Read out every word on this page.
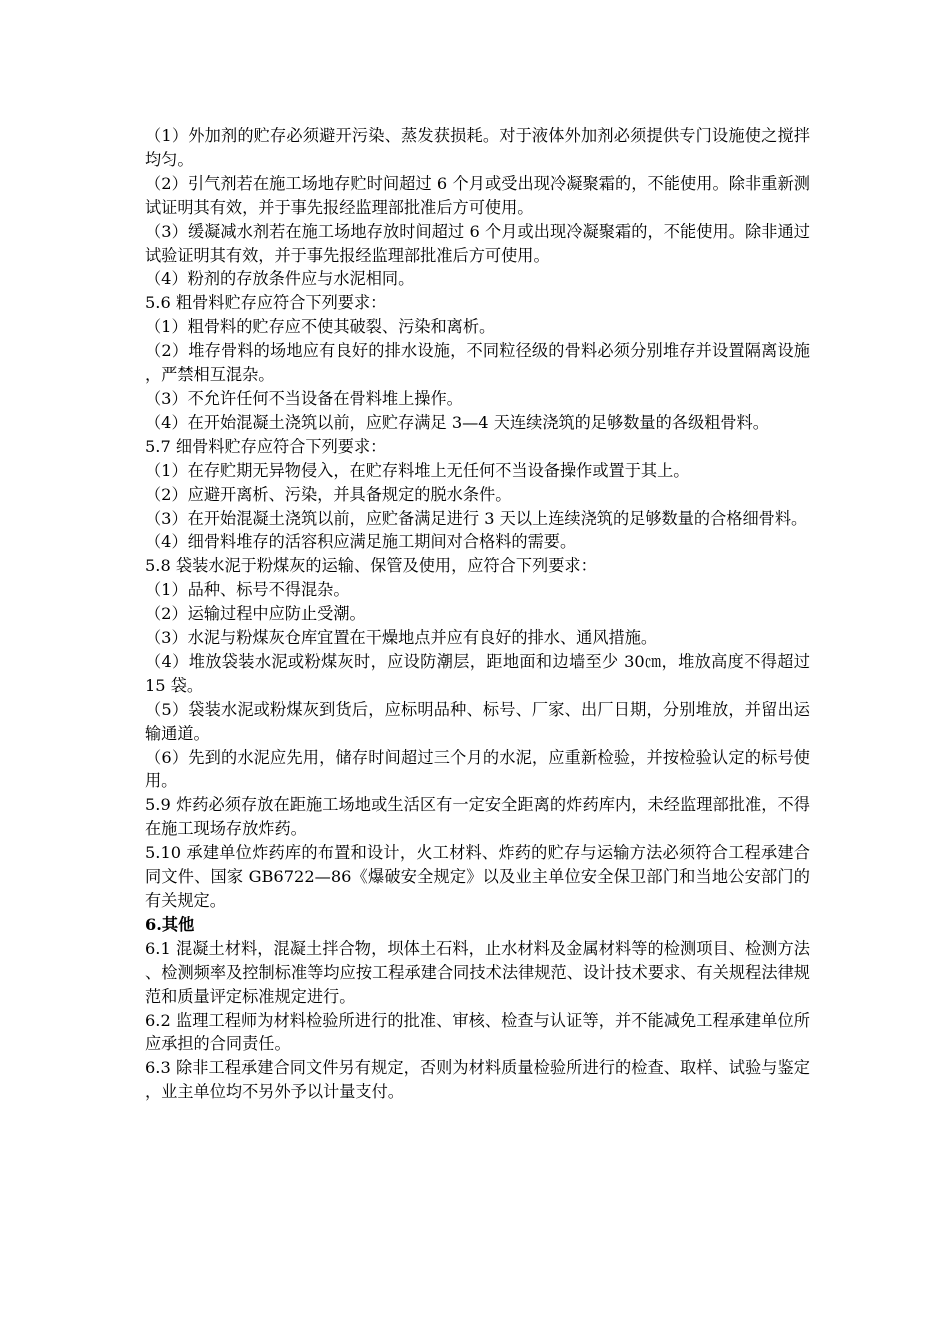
（1）外加剂的贮存必须避开污染、蒸发获损耗。对于液体外加剂必须提供专门设施使之搅拌均匀。

（2）引气剂若在施工场地存贮时间超过 6 个月或受出现冷凝聚霜的，不能使用。除非重新测试证明其有效，并于事先报经监理部批准后方可使用。

（3）缓凝减水剂若在施工场地存放时间超过 6 个月或出现冷凝聚霜的，不能使用。除非通过试验证明其有效，并于事先报经监理部批准后方可使用。

（4）粉剂的存放条件应与水泥相同。

5.6 粗骨料贮存应符合下列要求：

（1）粗骨料的贮存应不使其破裂、污染和离析。

（2）堆存骨料的场地应有良好的排水设施，不同粒径级的骨料必须分别堆存并设置隔离设施，严禁相互混杂。

（3）不允许任何不当设备在骨料堆上操作。

（4）在开始混凝土浇筑以前，应贮存满足 3—4 天连续浇筑的足够数量的各级粗骨料。

5.7 细骨料贮存应符合下列要求：

（1）在存贮期无异物侵入，在贮存料堆上无任何不当设备操作或置于其上。

（2）应避开离析、污染，并具备规定的脱水条件。

（3）在开始混凝土浇筑以前，应贮备满足进行 3 天以上连续浇筑的足够数量的合格细骨料。

（4）细骨料堆存的活容积应满足施工期间对合格料的需要。

5.8 袋装水泥于粉煤灰的运输、保管及使用，应符合下列要求：

（1）品种、标号不得混杂。

（2）运输过程中应防止受潮。

（3）水泥与粉煤灰仓库宜置在干燥地点并应有良好的排水、通风措施。

（4）堆放袋装水泥或粉煤灰时，应设防潮层，距地面和边墙至少 30㎝，堆放高度不得超过 15 袋。

（5）袋装水泥或粉煤灰到货后，应标明品种、标号、厂家、出厂日期，分别堆放，并留出运输通道。

（6）先到的水泥应先用，储存时间超过三个月的水泥，应重新检验，并按检验认定的标号使用。

5.9 炸药必须存放在距施工场地或生活区有一定安全距离的炸药库内，未经监理部批准，不得在施工现场存放炸药。

5.10 承建单位炸药库的布置和设计，火工材料、炸药的贮存与运输方法必须符合工程承建合同文件、国家 GB6722—86《爆破安全规定》以及业主单位安全保卫部门和当地公安部门的有关规定。

6.其他

6.1 混凝土材料，混凝土拌合物，坝体土石料，止水材料及金属材料等的检测项目、检测方法、检测频率及控制标准等均应按工程承建合同技术法律规范、设计技术要求、有关规程法律规范和质量评定标准规定进行。

6.2 监理工程师为材料检验所进行的批准、审核、检查与认证等，并不能减免工程承建单位所应承担的合同责任。

6.3 除非工程承建合同文件另有规定，否则为材料质量检验所进行的检查、取样、试验与鉴定，业主单位均不另外予以计量支付。
